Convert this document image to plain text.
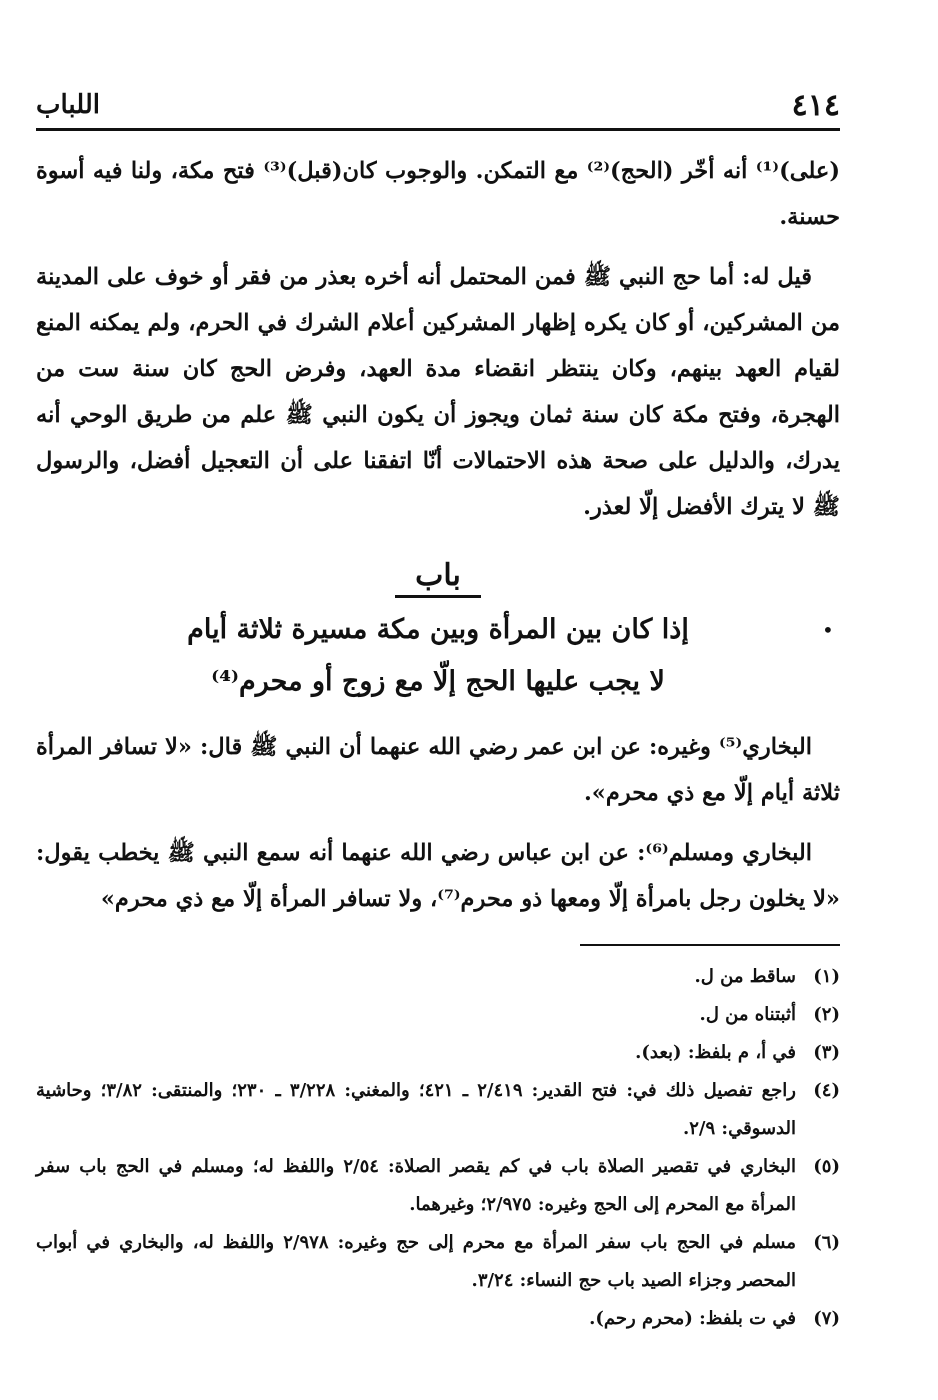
٤١٤
اللباب

(على)⁽¹⁾ أنه أخّر (الحج)⁽²⁾ مع التمكن. والوجوب كان(قبل)⁽³⁾ فتح مكة، ولنا فيه أسوة حسنة.

قيل له: أما حج النبي ﷺ فمن المحتمل أنه أخره بعذر من فقر أو خوف على المدينة من المشركين، أو كان يكره إظهار المشركين أعلام الشرك في الحرم، ولم يمكنه المنع لقيام العهد بينهم، وكان ينتظر انقضاء مدة العهد، وفرض الحج كان سنة ست من الهجرة، وفتح مكة كان سنة ثمان ويجوز أن يكون النبي ﷺ علم من طريق الوحي أنه يدرك، والدليل على صحة هذه الاحتمالات أنّا اتفقنا على أن التعجيل أفضل، والرسول ﷺ لا يترك الأفضل إلّا لعذر.

باب
إذا كان بين المرأة وبين مكة مسيرة ثلاثة أيام
لا يجب عليها الحج إلّا مع زوج أو محرم⁽⁴⁾

البخاري⁽⁵⁾ وغيره: عن ابن عمر رضي الله عنهما أن النبي ﷺ قال: «لا تسافر المرأة ثلاثة أيام إلّا مع ذي محرم».

البخاري ومسلم⁽⁶⁾: عن ابن عباس رضي الله عنهما أنه سمع النبي ﷺ يخطب يقول: «لا يخلون رجل بامرأة إلّا ومعها ذو محرم⁽⁷⁾، ولا تسافر المرأة إلّا مع ذي محرم»

•
(١)
ساقط من ل.
(٢)
أثبتناه من ل.
(٣)
في أ، م بلفظ: (بعد).
(٤)
راجع تفصيل ذلك في: فتح القدير: ٢/٤١٩ ـ ٤٢١؛ والمغني: ٣/٢٢٨ ـ ٢٣٠؛ والمنتقى: ٣/٨٢؛ وحاشية الدسوقي: ٢/٩.
(٥)
البخاري في تقصير الصلاة باب في كم يقصر الصلاة: ٢/٥٤ واللفظ له؛ ومسلم في الحج باب سفر المرأة مع المحرم إلى الحج وغيره: ٢/٩٧٥؛ وغيرهما.
(٦)
مسلم في الحج باب سفر المرأة مع محرم إلى حج وغيره: ٢/٩٧٨ واللفظ له، والبخاري في أبواب المحصر وجزاء الصيد باب حج النساء: ٣/٢٤.
(٧)
في ت بلفظ: (محرم رحم).
